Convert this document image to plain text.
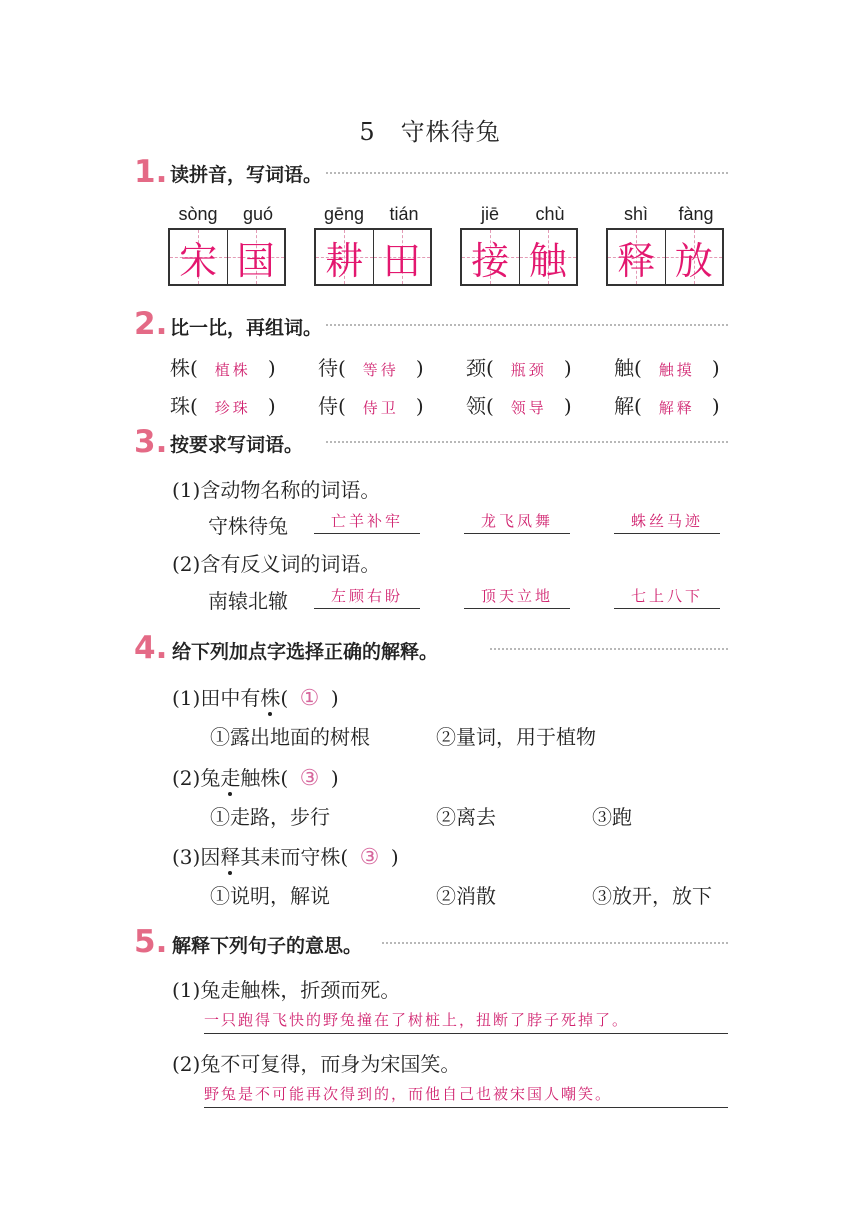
5　守株待兔
1. 读拼音，写词语。
sòng	guó
宋 国
gēng	tián
耕 田
jiē	chù
接 触
shì	fàng
释 放
2. 比一比，再组词。
株( 植株 ) 待( 等待 ) 颈( 瓶颈 ) 触( 触摸 )
珠( 珍珠 ) 侍( 侍卫 ) 领( 领导 ) 解( 解释 )
3. 按要求写词语。
(1)含动物名称的词语。
守株待兔	亡羊补牢	龙飞凤舞	蛛丝马迹
(2)含有反义词的词语。
南辕北辙	左顾右盼	顶天立地	七上八下
4. 给下列加点字选择正确的解释。
(1)田中有株( ① )
①露出地面的树根	②量词，用于植物
(2)兔走触株( ③ )
①走路，步行	②离去	③跑
(3)因释其耒而守株( ③ )
①说明，解说	②消散	③放开，放下
5. 解释下列句子的意思。
(1)兔走触株，折颈而死。
一只跑得飞快的野兔撞在了树桩上，扭断了脖子死掉了。
(2)兔不可复得，而身为宋国笑。
野兔是不可能再次得到的，而他自己也被宋国人嘲笑。
